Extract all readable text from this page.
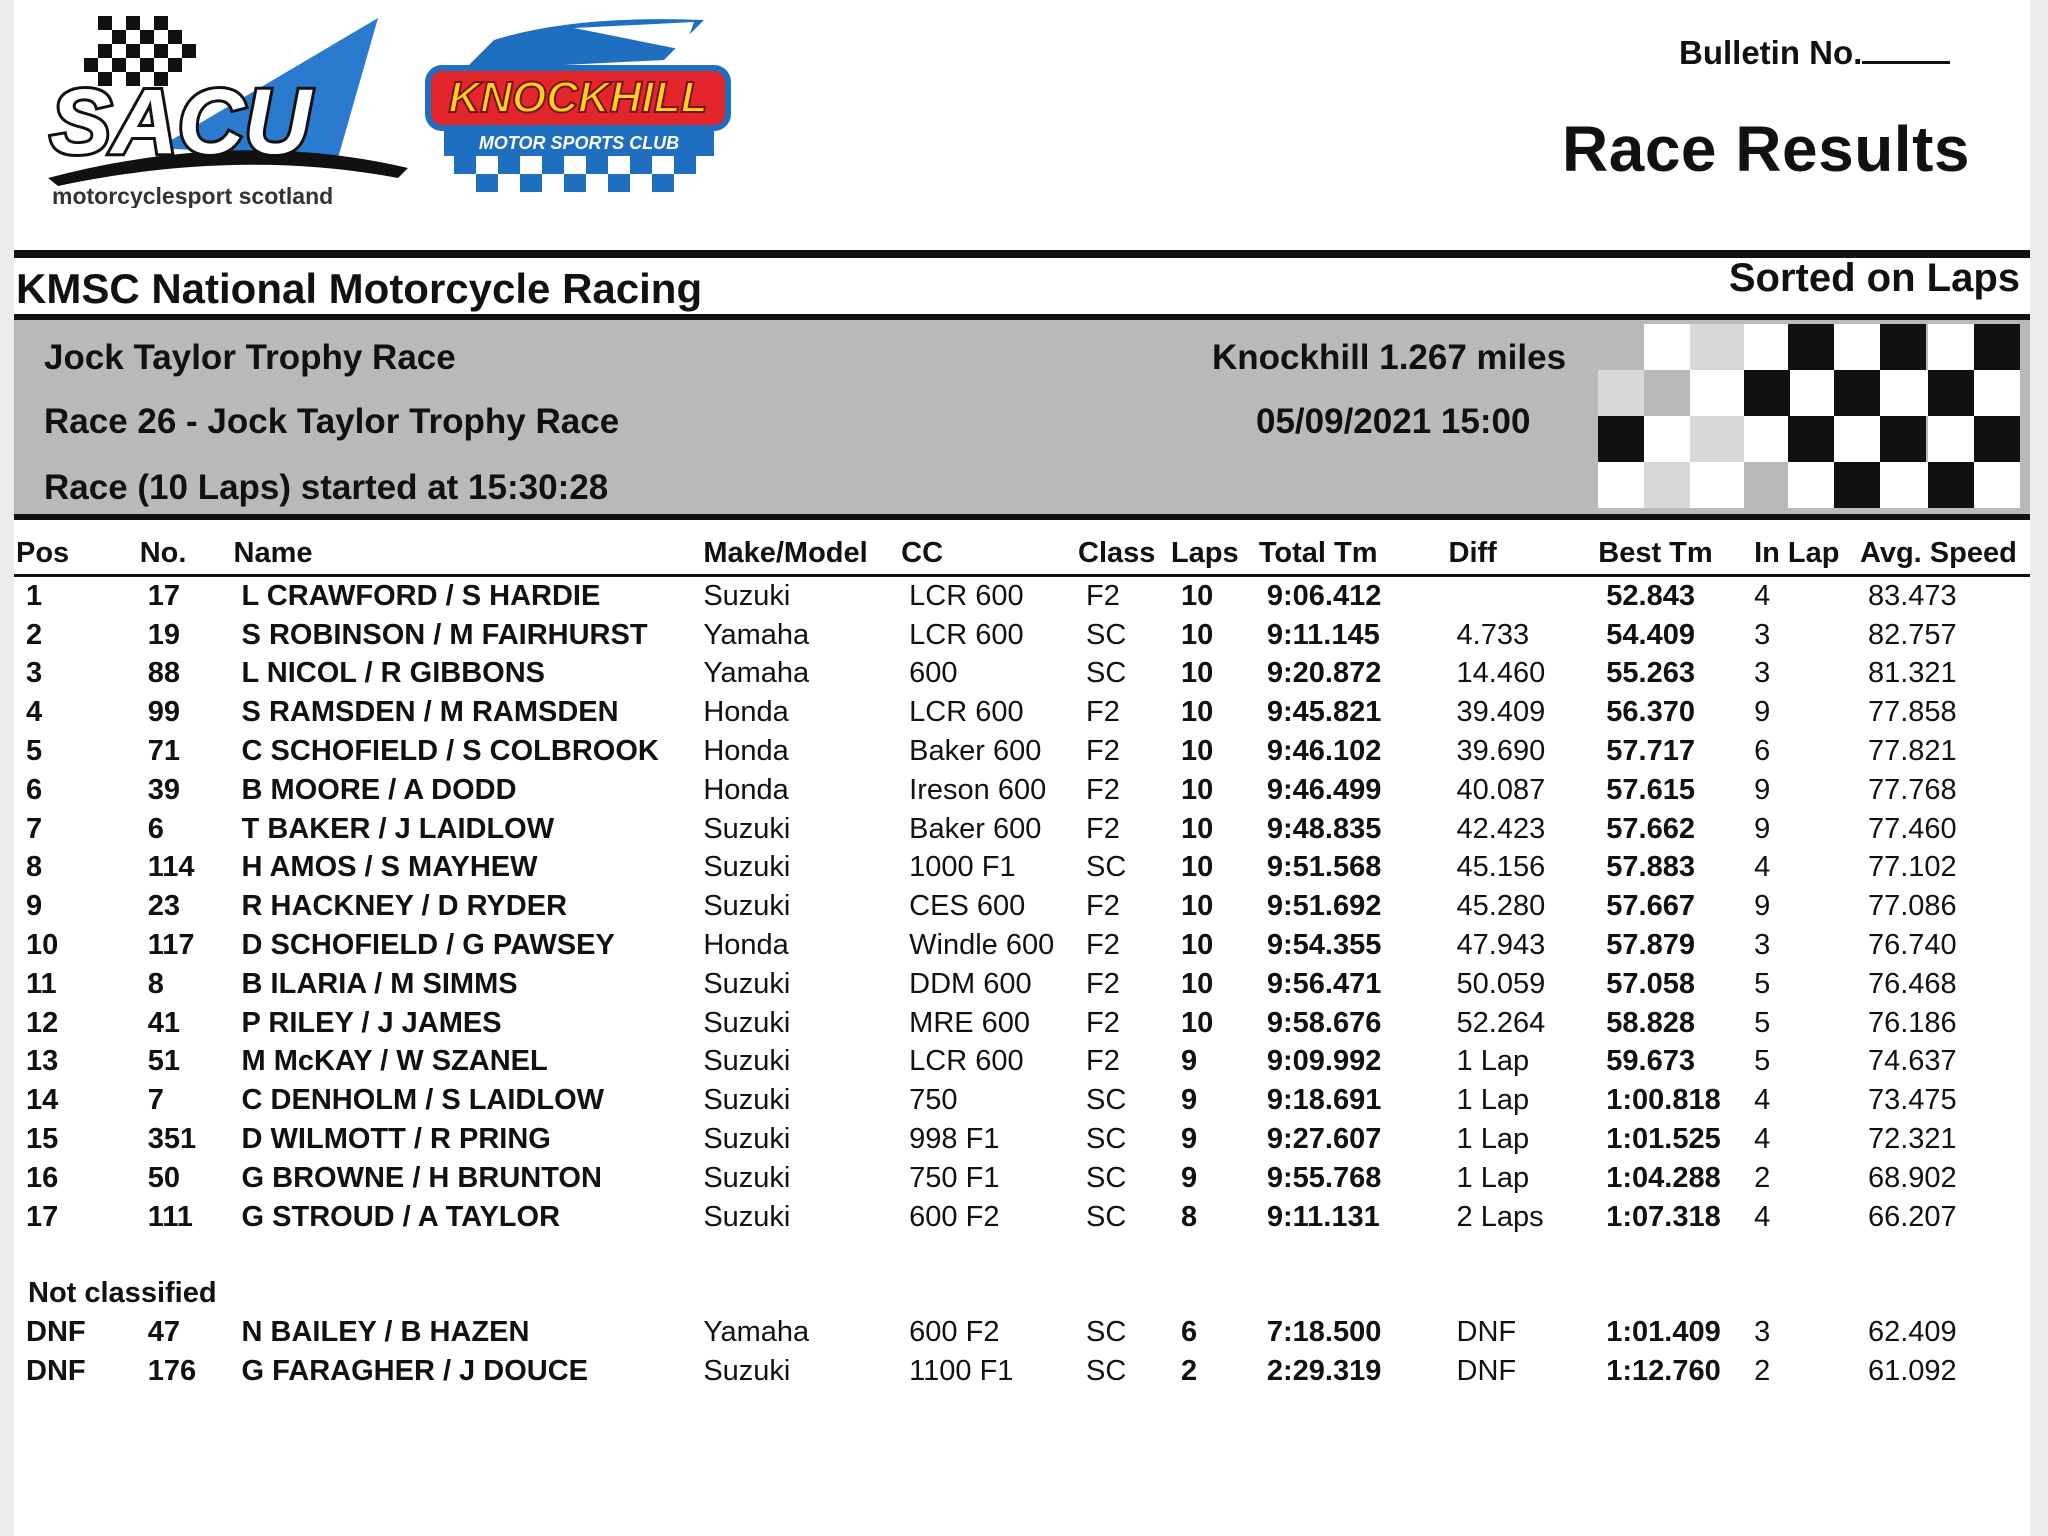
SACU
motorcyclesport scotland
KNOCKHILL
MOTOR SPORTS CLUB
Bulletin No.
Race Results
KMSC National Motorcycle Racing	Sorted on Laps
Jock Taylor Trophy Race
Race 26 - Jock Taylor Trophy Race
Race (10 Laps) started at 15:30:28
Knockhill 1.267 miles
05/09/2021 15:00
Pos	No.	Name	Make/Model	CC	Class	Laps	Total Tm	Diff	Best Tm	In Lap	Avg. Speed
1	17	L CRAWFORD / S HARDIE	Suzuki	LCR 600	F2	10	9:06.412		52.843	4	83.473
2	19	S ROBINSON / M FAIRHURST	Yamaha	LCR 600	SC	10	9:11.145	4.733	54.409	3	82.757
3	88	L NICOL / R GIBBONS	Yamaha	600	SC	10	9:20.872	14.460	55.263	3	81.321
4	99	S RAMSDEN / M RAMSDEN	Honda	LCR 600	F2	10	9:45.821	39.409	56.370	9	77.858
5	71	C SCHOFIELD / S COLBROOK	Honda	Baker 600	F2	10	9:46.102	39.690	57.717	6	77.821
6	39	B MOORE / A DODD	Honda	Ireson 600	F2	10	9:46.499	40.087	57.615	9	77.768
7	6	T BAKER / J LAIDLOW	Suzuki	Baker 600	F2	10	9:48.835	42.423	57.662	9	77.460
8	114	H AMOS / S MAYHEW	Suzuki	1000 F1	SC	10	9:51.568	45.156	57.883	4	77.102
9	23	R HACKNEY / D RYDER	Suzuki	CES 600	F2	10	9:51.692	45.280	57.667	9	77.086
10	117	D SCHOFIELD / G PAWSEY	Honda	Windle 600	F2	10	9:54.355	47.943	57.879	3	76.740
11	8	B ILARIA / M SIMMS	Suzuki	DDM 600	F2	10	9:56.471	50.059	57.058	5	76.468
12	41	P RILEY / J JAMES	Suzuki	MRE 600	F2	10	9:58.676	52.264	58.828	5	76.186
13	51	M McKAY / W SZANEL	Suzuki	LCR 600	F2	9	9:09.992	1 Lap	59.673	5	74.637
14	7	C DENHOLM / S LAIDLOW	Suzuki	750	SC	9	9:18.691	1 Lap	1:00.818	4	73.475
15	351	D WILMOTT / R PRING	Suzuki	998 F1	SC	9	9:27.607	1 Lap	1:01.525	4	72.321
16	50	G BROWNE / H BRUNTON	Suzuki	750 F1	SC	9	9:55.768	1 Lap	1:04.288	2	68.902
17	111	G STROUD / A TAYLOR	Suzuki	600 F2	SC	8	9:11.131	2 Laps	1:07.318	4	66.207

Not classified											
DNF	47	N BAILEY / B HAZEN	Yamaha	600 F2	SC	6	7:18.500	DNF	1:01.409	3	62.409
DNF	176	G FARAGHER / J DOUCE	Suzuki	1100 F1	SC	2	2:29.319	DNF	1:12.760	2	61.092
